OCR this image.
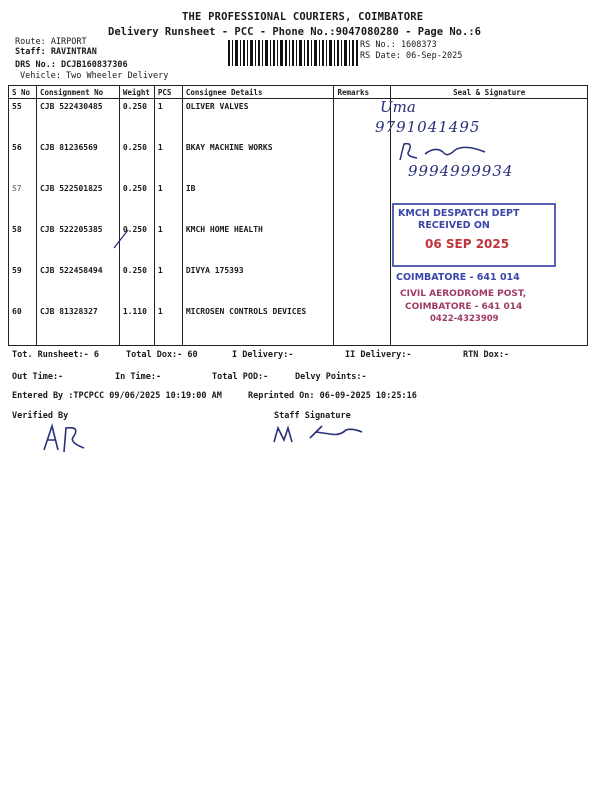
THE PROFESSIONAL COURIERS, COIMBATORE
Delivery Runsheet - PCC - Phone No.:9047080280 - Page No.:6
Route: AIRPORT
Staff: RAVINTRAN
DRS No.: DCJB160837306
Vehicle: Two Wheeler Delivery
RS No.: 1608373
RS Date: 06-Sep-2025
S No	Consignment No	Weight	PCS	Consignee Details	Remarks	Seal & Signature
55	CJB 522430485	0.250	1	OLIVER VALVES		
56	CJB 81236569	0.250	1	BKAY MACHINE WORKS		
57	CJB 522501825	0.250	1	IB		
58	CJB 522205385	0.250	1	KMCH HOME HEALTH		
59	CJB 522458494	0.250	1	DIVYA 175393		
60	CJB 81328327	1.110	1	MICROSEN CONTROLS DEVICES		
Uma
9791041495
9994999934
KMCH DESPATCH DEPT
RECEIVED ON
06 SEP 2025
COIMBATORE - 641 014
CIVIL AERODROME POST,
COIMBATORE - 641 014
0422-4323909
Tot. Runsheet:- 6	Total Dox:- 60	I Delivery:-	II Delivery:-	RTN Dox:-
Out Time:-	In Time:-	Total POD:-	Delvy Points:-
Entered By :TPCPCC 09/06/2025 10:19:00 AM	Reprinted On: 06-09-2025 10:25:16
Verified By	Staff Signature
